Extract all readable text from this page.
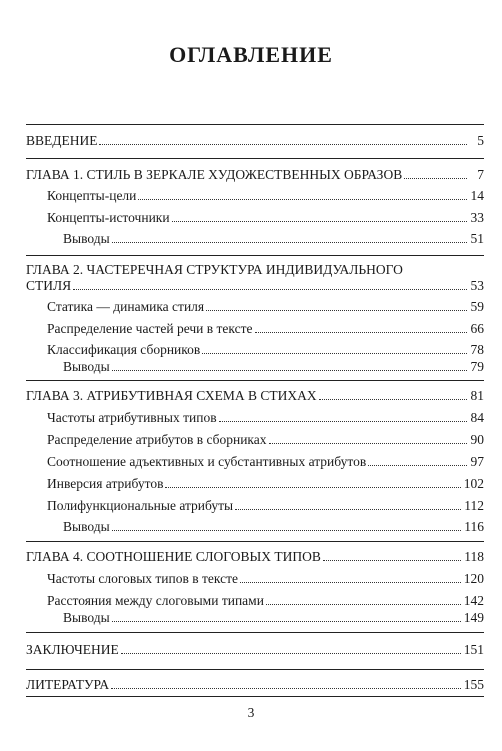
ОГЛАВЛЕНИЕ
ВВЕДЕНИЕ	5
ГЛАВА 1. СТИЛЬ В ЗЕРКАЛЕ ХУДОЖЕСТВЕННЫХ ОБРАЗОВ	7
Концепты-цели	14
Концепты-источники	33
Выводы	51
ГЛАВА 2. ЧАСТЕРЕЧНАЯ СТРУКТУРА ИНДИВИДУАЛЬНОГО
СТИЛЯ	53
Статика — динамика стиля	59
Распределение частей речи в тексте	66
Классификация сборников	78
Выводы	79
ГЛАВА 3. АТРИБУТИВНАЯ СХЕМА В СТИХАХ	81
Частоты атрибутивных типов	84
Распределение атрибутов в сборниках	90
Соотношение адъективных и субстантивных атрибутов	97
Инверсия атрибутов	102
Полифункциональные атрибуты	112
Выводы	116
ГЛАВА 4. СООТНОШЕНИЕ СЛОГОВЫХ ТИПОВ	118
Частоты слоговых типов в тексте	120
Расстояния между слоговыми типами	142
Выводы	149
ЗАКЛЮЧЕНИЕ	151
ЛИТЕРАТУРА	155
3
